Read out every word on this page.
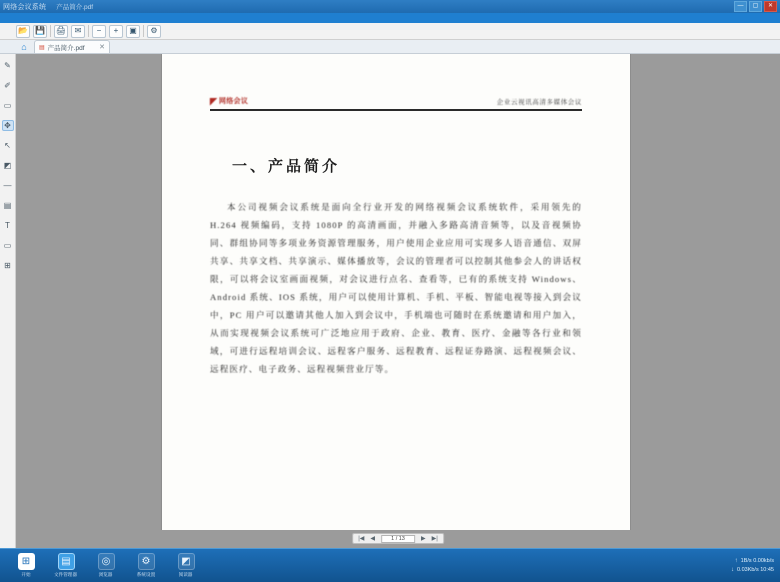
网络会议系统 产品简介.pdf	—	▢	✕
📂 💾 🖨	✉	−	+	▣	⚙
⌂	▤ 产品简介.pdf ✕
✎
✐
▭
✥
↖
◩
―
▤
T
▭
⊞
◤ 网络会议	企业云视讯高清多媒体会议
一、产品简介
本公司视频会议系统是面向全行业开发的网络视频会议系统软件，采用领先的 H.264 视频编码，支持 1080P 的高清画面，并融入多路高清音频等，以及音视频协同、群组协同等多项业务资源管理服务，用户使用企业应用可实现多人语音通信、双屏共享、共享文档、共享演示、媒体播放等，会议的管理者可以控制其他参会人的讲话权限，可以将会议室画面视频，对会议进行点名、查看等，已有的系统支持 Windows、Android 系统、IOS 系统，用户可以使用计算机、手机、平板、智能电视等接入到会议中，PC 用户可以邀请其他人加入到会议中，手机端也可随时在系统邀请和用户加入，从而实现视频会议系统可广泛地应用于政府、企业、教育、医疗、金融等各行业和领域，可进行远程培训会议、远程客户服务、远程教育、远程证券路演、远程视频会议、远程医疗、电子政务、远程视频营业厅等。
|◀ ◀	1 / 13	▶ ▶|
⊞
开始
▤
文件管理器
◎
浏览器
⚙
系统设置
◩
阅读器
↑ 1B/s 0.00kb/s
↓ 0.03Kb/s 10:45
